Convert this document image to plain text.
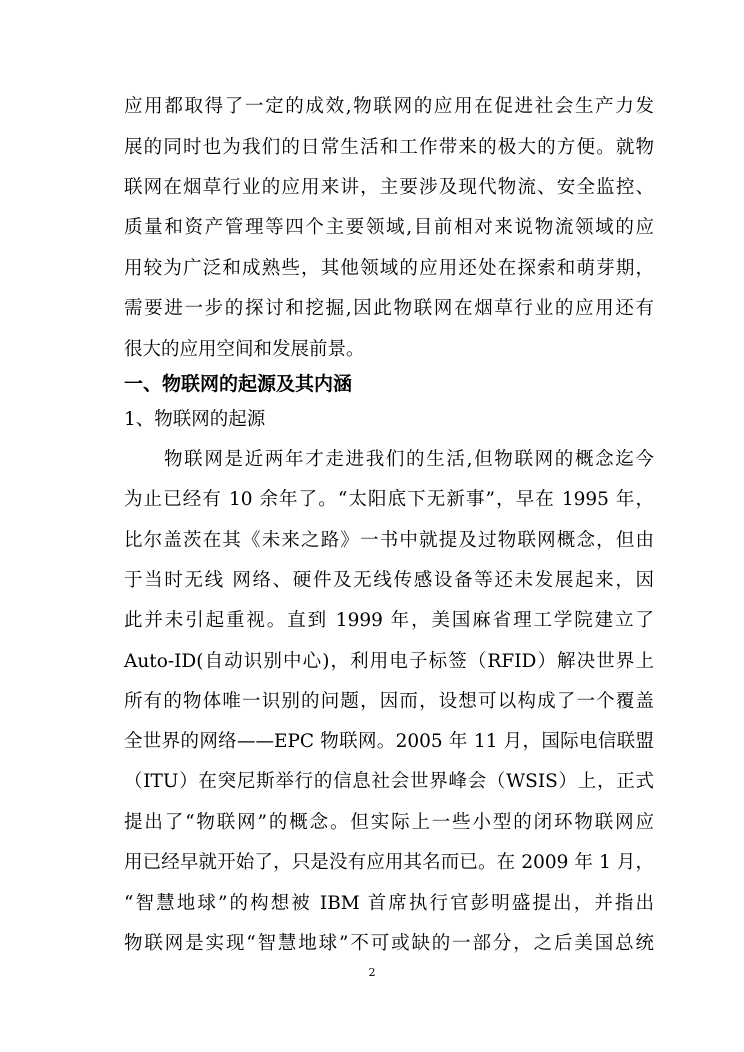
应用都取得了一定的成效,物联网的应用在促进社会生产力发
展的同时也为我们的日常生活和工作带来的极大的方便。就物
联网在烟草行业的应用来讲，主要涉及现代物流、安全监控、
质量和资产管理等四个主要领域,目前相对来说物流领域的应
用较为广泛和成熟些，其他领域的应用还处在探索和萌芽期，
需要进一步的探讨和挖掘,因此物联网在烟草行业的应用还有
很大的应用空间和发展前景。
一、物联网的起源及其内涵
1、物联网的起源
物联网是近两年才走进我们的生活,但物联网的概念迄今
为止已经有 10 余年了。“太阳底下无新事”，早在 1995 年，
比尔盖茨在其《未来之路》一书中就提及过物联网概念，但由
于当时无线 网络、硬件及无线传感设备等还未发展起来，因
此并未引起重视。直到 1999 年，美国麻省理工学院建立了
Auto-ID(自动识别中心)，利用电子标签（RFID）解决世界上
所有的物体唯一识别的问题，因而，设想可以构成了一个覆盖
全世界的网络——EPC 物联网。2005 年 11 月，国际电信联盟
（ITU）在突尼斯举行的信息社会世界峰会（WSIS）上，正式
提出了“物联网”的概念。但实际上一些小型的闭环物联网应
用已经早就开始了，只是没有应用其名而已。在 2009 年 1 月，
“智慧地球”的构想被 IBM 首席执行官彭明盛提出，并指出
物联网是实现“智慧地球”不可或缺的一部分，之后美国总统
2
